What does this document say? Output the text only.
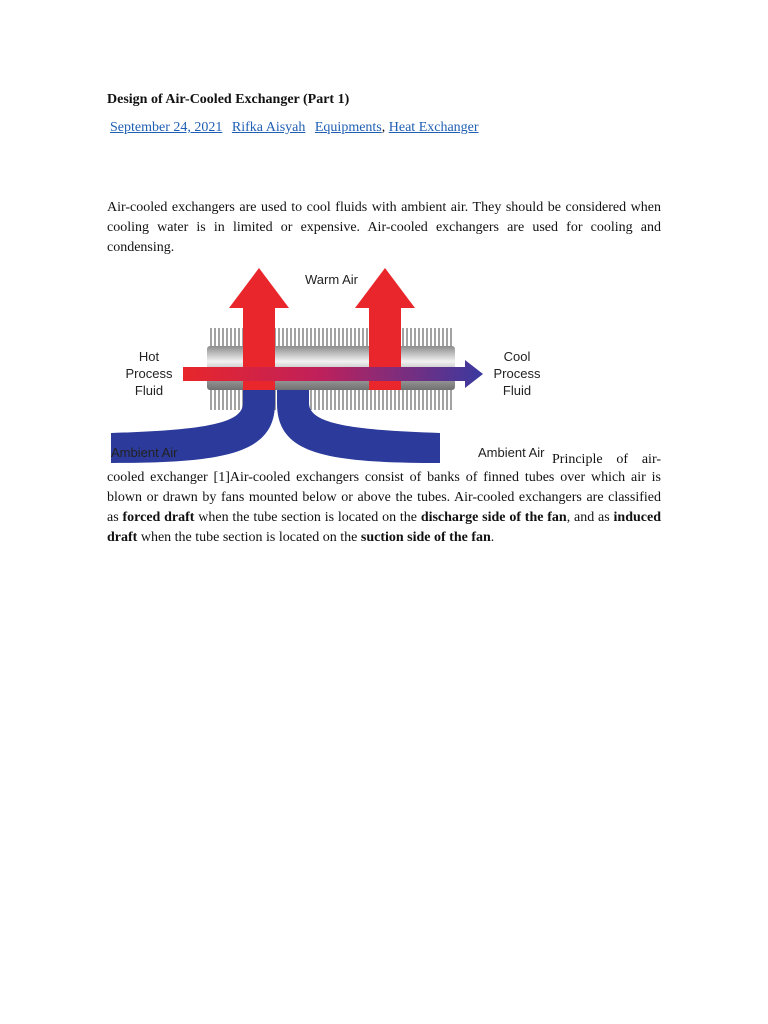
Design of Air-Cooled Exchanger (Part 1)
September 24, 2021 Rifka Aisyah Equipments, Heat Exchanger

Air-cooled exchangers are used to cool fluids with ambient air. They should be considered when cooling water is in limited or expensive. Air-cooled exchangers are used for cooling and condensing.

Warm Air
Hot
Process
Fluid
Cool
Process
Fluid
Ambient Air	Ambient Air Principle of air-

cooled exchanger [1]Air-cooled exchangers consist of banks of finned tubes over which air is blown or drawn by fans mounted below or above the tubes. Air-cooled exchangers are classified as forced draft when the tube section is located on the discharge side of the fan, and as induced draft when the tube section is located on the suction side of the fan.
